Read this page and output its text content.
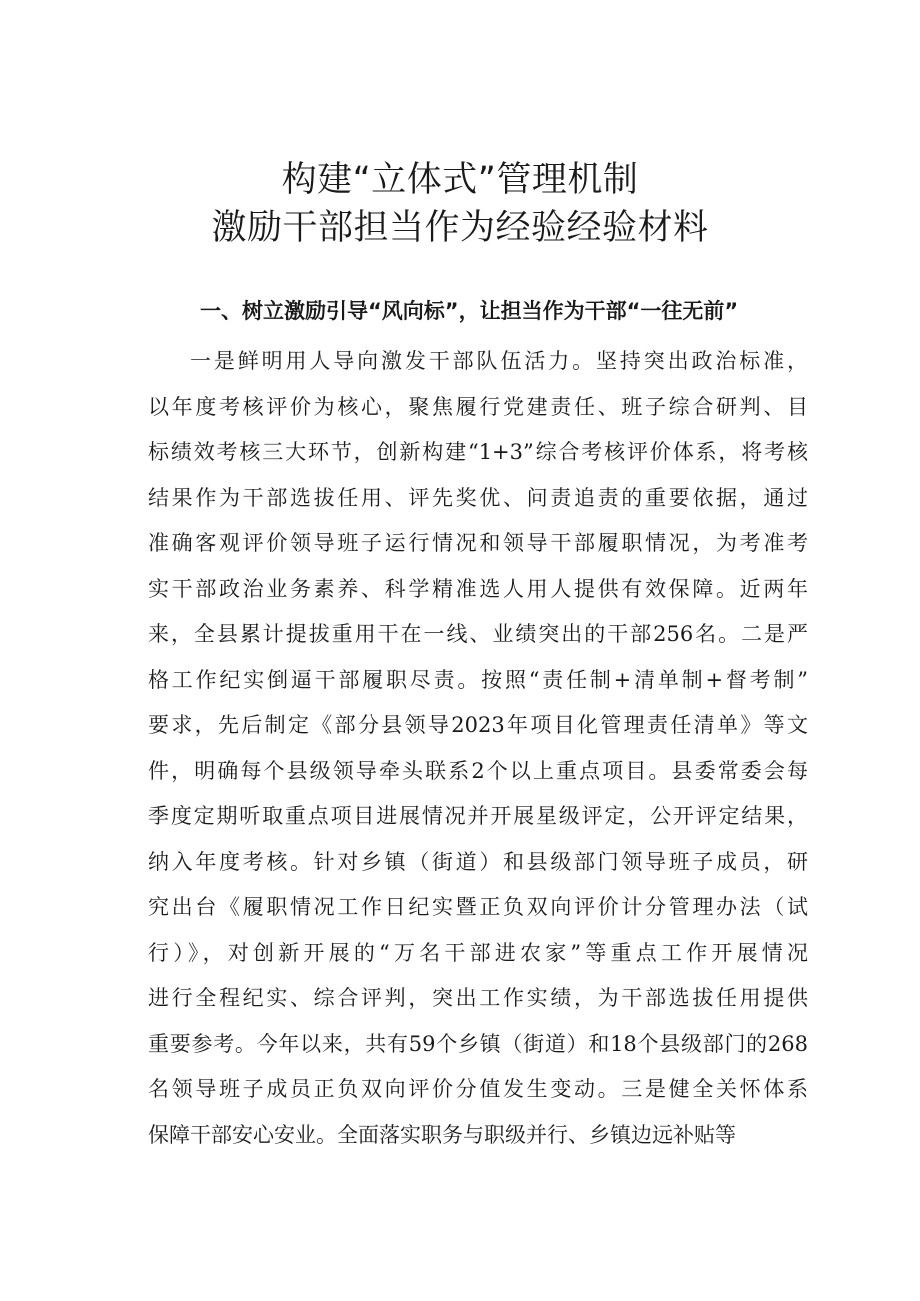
构建“立体式”管理机制
激励干部担当作为经验经验材料
一、树立激励引导“风向标”，让担当作为干部“一往无前”
一是鲜明用人导向激发干部队伍活力。坚持突出政治标准，
以年度考核评价为核心，聚焦履行党建责任、班子综合研判、目
标绩效考核三大环节，创新构建“1+3”综合考核评价体系，将考核
结果作为干部选拔任用、评先奖优、问责追责的重要依据，通过
准确客观评价领导班子运行情况和领导干部履职情况，为考准考
实干部政治业务素养、科学精准选人用人提供有效保障。近两年
来，全县累计提拔重用干在一线、业绩突出的干部256名。二是严
格工作纪实倒逼干部履职尽责。按照“责任制+清单制+督考制”
要求，先后制定《部分县领导2023年项目化管理责任清单》等文
件，明确每个县级领导牵头联系2个以上重点项目。县委常委会每
季度定期听取重点项目进展情况并开展星级评定，公开评定结果，
纳入年度考核。针对乡镇（街道）和县级部门领导班子成员，研
究出台《履职情况工作日纪实暨正负双向评价计分管理办法（试
行）》，对创新开展的“万名干部进农家”等重点工作开展情况
进行全程纪实、综合评判，突出工作实绩，为干部选拔任用提供
重要参考。今年以来，共有59个乡镇（街道）和18个县级部门的268
名领导班子成员正负双向评价分值发生变动。三是健全关怀体系
保障干部安心安业。全面落实职务与职级并行、乡镇边远补贴等
